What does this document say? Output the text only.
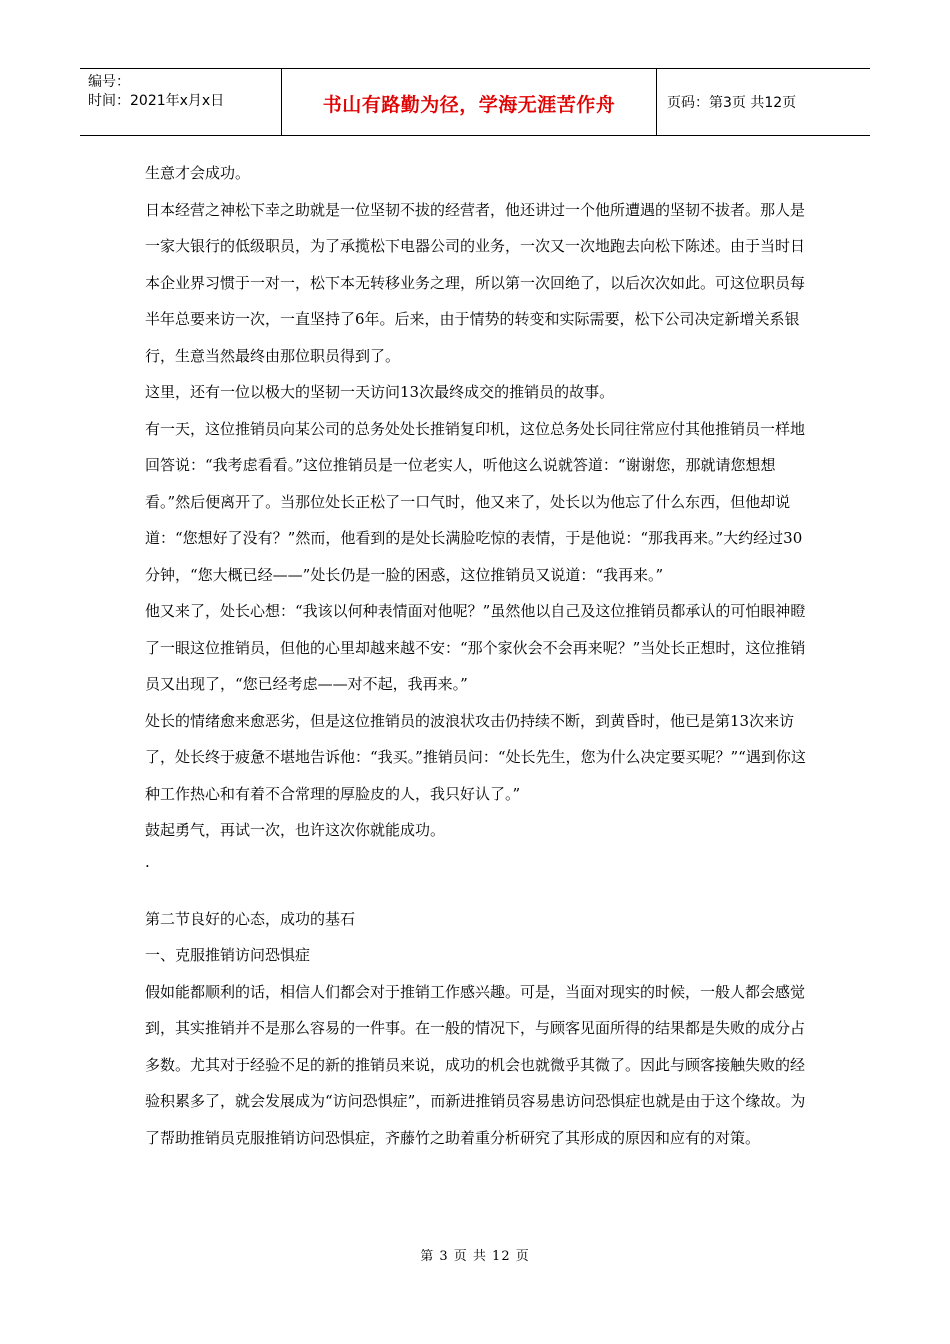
编号：
时间：2021年x月x日	书山有路勤为径，学海无涯苦作舟	页码：第3页 共12页

生意才会成功。

日本经营之神松下幸之助就是一位坚韧不拔的经营者，他还讲过一个他所遭遇的坚韧不拔者。那人是一家大银行的低级职员，为了承揽松下电器公司的业务，一次又一次地跑去向松下陈述。由于当时日本企业界习惯于一对一，松下本无转移业务之理，所以第一次回绝了，以后次次如此。可这位职员每半年总要来访一次，一直坚持了6年。后来，由于情势的转变和实际需要，松下公司决定新增关系银行，生意当然最终由那位职员得到了。

这里，还有一位以极大的坚韧一天访问13次最终成交的推销员的故事。

有一天，这位推销员向某公司的总务处处长推销复印机，这位总务处长同往常应付其他推销员一样地回答说：“我考虑看看。”这位推销员是一位老实人，听他这么说就答道：“谢谢您，那就请您想想看。”然后便离开了。当那位处长正松了一口气时，他又来了，处长以为他忘了什么东西，但他却说道：“您想好了没有？”然而，他看到的是处长满脸吃惊的表情，于是他说：“那我再来。”大约经过30分钟，“您大概已经——”处长仍是一脸的困惑，这位推销员又说道：“我再来。”

他又来了，处长心想：“我该以何种表情面对他呢？”虽然他以自己及这位推销员都承认的可怕眼神瞪了一眼这位推销员，但他的心里却越来越不安：“那个家伙会不会再来呢？”当处长正想时，这位推销员又出现了，“您已经考虑——对不起，我再来。”

处长的情绪愈来愈恶劣，但是这位推销员的波浪状攻击仍持续不断，到黄昏时，他已是第13次来访了，处长终于疲惫不堪地告诉他：“我买。”推销员问：“处长先生，您为什么决定要买呢？”“遇到你这种工作热心和有着不合常理的厚脸皮的人，我只好认了。”

鼓起勇气，再试一次，也许这次你就能成功。

.

第二节良好的心态，成功的基石

一、克服推销访问恐惧症

假如能都顺利的话，相信人们都会对于推销工作感兴趣。可是，当面对现实的时候，一般人都会感觉到，其实推销并不是那么容易的一件事。在一般的情况下，与顾客见面所得的结果都是失败的成分占多数。尤其对于经验不足的新的推销员来说，成功的机会也就微乎其微了。因此与顾客接触失败的经验积累多了，就会发展成为“访问恐惧症”，而新进推销员容易患访问恐惧症也就是由于这个缘故。为了帮助推销员克服推销访问恐惧症，齐藤竹之助着重分析研究了其形成的原因和应有的对策。

第 3 页 共 12 页
